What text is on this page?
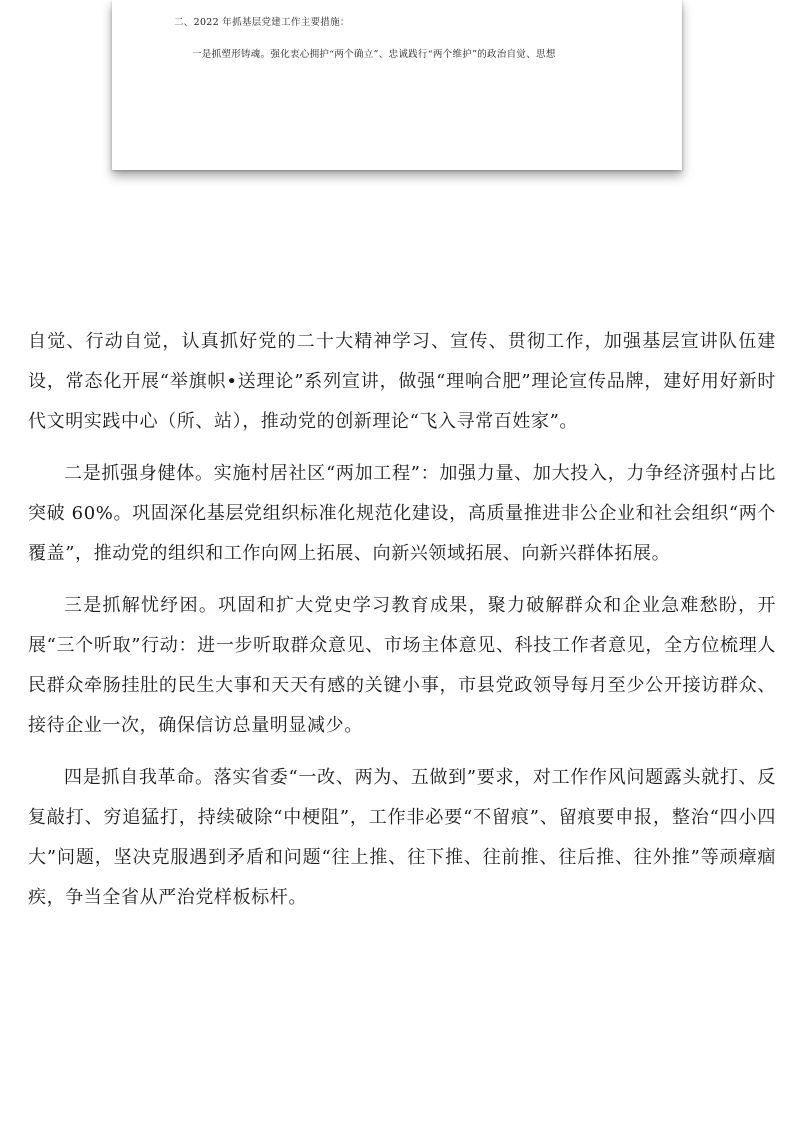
二、2022 年抓基层党建工作主要措施：
一是抓塑形铸魂。强化衷心拥护“两个确立”、忠诚践行“两个维护”的政治自觉、思想

自觉、行动自觉，认真抓好党的二十大精神学习、宣传、贯彻工作，加强基层宣讲队伍建设，常态化开展“举旗帜•送理论”系列宣讲，做强“理响合肥”理论宣传品牌，建好用好新时代文明实践中心（所、站），推动党的创新理论“飞入寻常百姓家”。

二是抓强身健体。实施村居社区“两加工程”：加强力量、加大投入，力争经济强村占比突破 60%。巩固深化基层党组织标准化规范化建设，高质量推进非公企业和社会组织“两个覆盖”，推动党的组织和工作向网上拓展、向新兴领域拓展、向新兴群体拓展。

三是抓解忧纾困。巩固和扩大党史学习教育成果，聚力破解群众和企业急难愁盼，开展“三个听取”行动：进一步听取群众意见、市场主体意见、科技工作者意见，全方位梳理人民群众牵肠挂肚的民生大事和天天有感的关键小事，市县党政领导每月至少公开接访群众、接待企业一次，确保信访总量明显减少。

四是抓自我革命。落实省委“一改、两为、五做到”要求，对工作作风问题露头就打、反复敲打、穷追猛打，持续破除“中梗阻”，工作非必要“不留痕”、留痕要申报，整治“四小四大”问题，坚决克服遇到矛盾和问题“往上推、往下推、往前推、往后推、往外推”等顽瘴痼疾，争当全省从严治党样板标杆。
